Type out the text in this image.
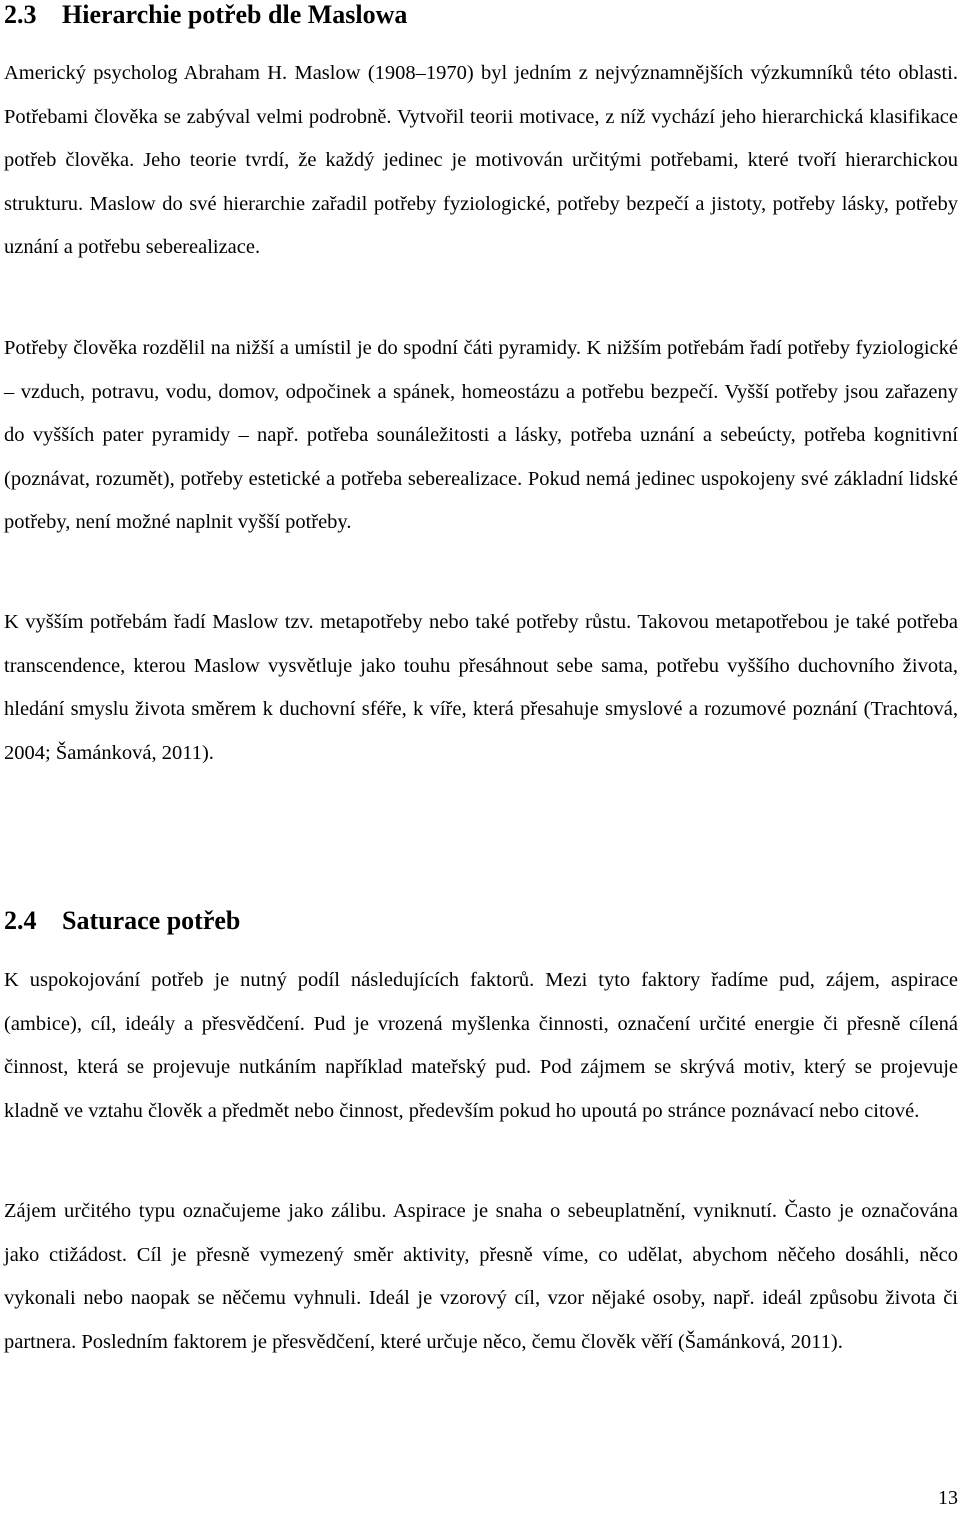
2.3 Hierarchie potřeb dle Maslowa

Americký psycholog Abraham H. Maslow (1908–1970) byl jedním z nejvýznamnějších výzkumníků této oblasti. Potřebami člověka se zabýval velmi podrobně. Vytvořil teorii motivace, z níž vychází jeho hierarchická klasifikace potřeb člověka. Jeho teorie tvrdí, že každý jedinec je motivován určitými potřebami, které tvoří hierarchickou strukturu. Maslow do své hierarchie zařadil potřeby fyziologické, potřeby bezpečí a jistoty, potřeby lásky, potřeby uznání a potřebu seberealizace.

Potřeby člověka rozdělil na nižší a umístil je do spodní čáti pyramidy. K nižším potřebám řadí potřeby fyziologické – vzduch, potravu, vodu, domov, odpočinek a spánek, homeostázu a potřebu bezpečí. Vyšší potřeby jsou zařazeny do vyšších pater pyramidy – např. potřeba sounáležitosti a lásky, potřeba uznání a sebeúcty, potřeba kognitivní (poznávat, rozumět), potřeby estetické a potřeba seberealizace. Pokud nemá jedinec uspokojeny své základní lidské potřeby, není možné naplnit vyšší potřeby.

K vyšším potřebám řadí Maslow tzv. metapotřeby nebo také potřeby růstu. Takovou metapotřebou je také potřeba transcendence, kterou Maslow vysvětluje jako touhu přesáhnout sebe sama, potřebu vyššího duchovního života, hledání smyslu života směrem k duchovní sféře, k víře, která přesahuje smyslové a rozumové poznání (Trachtová, 2004; Šamánková, 2011).

2.4 Saturace potřeb

K uspokojování potřeb je nutný podíl následujících faktorů. Mezi tyto faktory řadíme pud, zájem, aspirace (ambice), cíl, ideály a přesvědčení. Pud je vrozená myšlenka činnosti, označení určité energie či přesně cílená činnost, která se projevuje nutkáním například mateřský pud. Pod zájmem se skrývá motiv, který se projevuje kladně ve vztahu člověk a předmět nebo činnost, především pokud ho upoutá po stránce poznávací nebo citové.

Zájem určitého typu označujeme jako zálibu. Aspirace je snaha o sebeuplatnění, vyniknutí. Často je označována jako ctižádost. Cíl je přesně vymezený směr aktivity, přesně víme, co udělat, abychom něčeho dosáhli, něco vykonali nebo naopak se něčemu vyhnuli. Ideál je vzorový cíl, vzor nějaké osoby, např. ideál způsobu života či partnera. Posledním faktorem je přesvědčení, které určuje něco, čemu člověk věří (Šamánková, 2011).

13
